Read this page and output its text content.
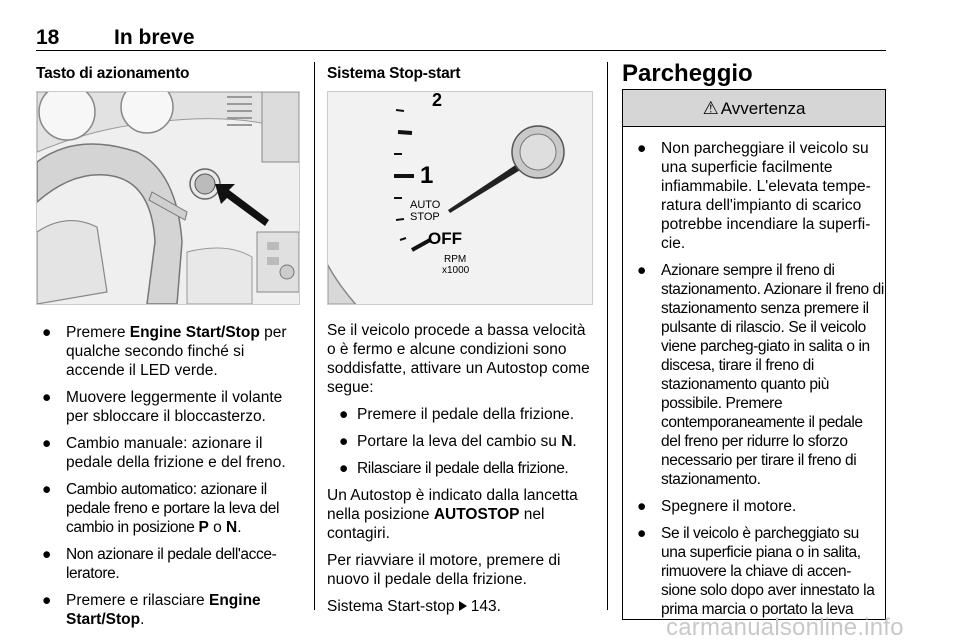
18	In breve
Tasto di azionamento
● Premere Engine Start/Stop per qualche secondo finché si accende il LED verde.
● Muovere leggermente il volante per sbloccare il bloccasterzo.
● Cambio manuale: azionare il pedale della frizione e del freno.
● Cambio automatico: azionare il pedale freno e portare la leva del cambio in posizione P o N.
● Non azionare il pedale dell'acce-leratore.
● Premere e rilasciare Engine Start/Stop.
Sistema Stop-start
2
1
AUTO
STOP
OFF
RPM
x1000

Se il veicolo procede a bassa velocità o è fermo e alcune condizioni sono soddisfatte, attivare un Autostop come segue:

● Premere il pedale della frizione.
● Portare la leva del cambio su N.
● Rilasciare il pedale della frizione.

Un Autostop è indicato dalla lancetta nella posizione AUTOSTOP nel contagiri.

Per riavviare il motore, premere di nuovo il pedale della frizione.

Sistema Start-stop 143.

Parcheggio
⚠ Avvertenza
● Non parcheggiare il veicolo su una superficie facilmente infiammabile. L'elevata tempe-ratura dell'impianto di scarico potrebbe incendiare la superfi-cie.
● Azionare sempre il freno di stazionamento. Azionare il freno di stazionamento senza premere il pulsante di rilascio. Se il veicolo viene parcheg-giato in salita o in discesa, tirare il freno di stazionamento quanto più possibile. Premere contemporaneamente il pedale del freno per ridurre lo sforzo necessario per tirare il freno di stazionamento.
● Spegnere il motore.
● Se il veicolo è parcheggiato su una superficie piana o in salita, rimuovere la chiave di accen-sione solo dopo aver innestato la prima marcia o portato la leva
carmanualsonline.info
